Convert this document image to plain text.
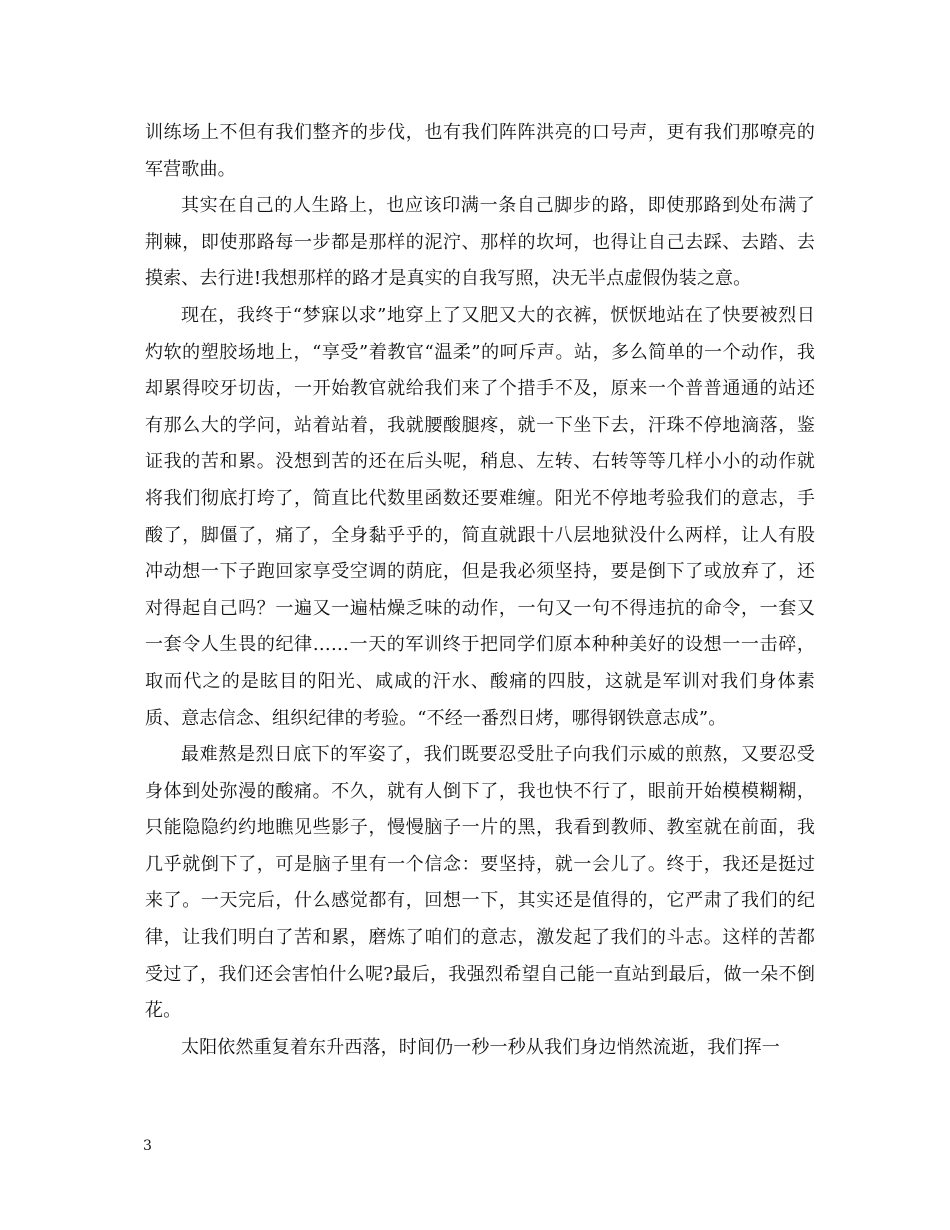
训练场上不但有我们整齐的步伐，也有我们阵阵洪亮的口号声，更有我们那嘹亮的军营歌曲。

其实在自己的人生路上，也应该印满一条自己脚步的路，即使那路到处布满了荆棘，即使那路每一步都是那样的泥泞、那样的坎坷，也得让自己去踩、去踏、去摸索、去行进!我想那样的路才是真实的自我写照，决无半点虚假伪装之意。

现在，我终于“梦寐以求”地穿上了又肥又大的衣裤，恹恹地站在了快要被烈日灼软的塑胶场地上，“享受”着教官“温柔”的呵斥声。站，多么简单的一个动作，我却累得咬牙切齿，一开始教官就给我们来了个措手不及，原来一个普普通通的站还有那么大的学问，站着站着，我就腰酸腿疼，就一下坐下去，汗珠不停地滴落，鉴证我的苦和累。没想到苦的还在后头呢，稍息、左转、右转等等几样小小的动作就将我们彻底打垮了，简直比代数里函数还要难缠。阳光不停地考验我们的意志，手酸了，脚僵了，痛了，全身黏乎乎的，简直就跟十八层地狱没什么两样，让人有股冲动想一下子跑回家享受空调的荫庇，但是我必须坚持，要是倒下了或放弃了，还对得起自己吗？一遍又一遍枯燥乏味的动作，一句又一句不得违抗的命令，一套又一套令人生畏的纪律……一天的军训终于把同学们原本种种美好的设想一一击碎，取而代之的是眩目的阳光、咸咸的汗水、酸痛的四肢，这就是军训对我们身体素质、意志信念、组织纪律的考验。“不经一番烈日烤，哪得钢铁意志成”。

最难熬是烈日底下的军姿了，我们既要忍受肚子向我们示威的煎熬，又要忍受身体到处弥漫的酸痛。不久，就有人倒下了，我也快不行了，眼前开始模模糊糊，只能隐隐约约地瞧见些影子，慢慢脑子一片的黑，我看到教师、教室就在前面，我几乎就倒下了，可是脑子里有一个信念：要坚持，就一会儿了。终于，我还是挺过来了。一天完后，什么感觉都有，回想一下，其实还是值得的，它严肃了我们的纪律，让我们明白了苦和累，磨炼了咱们的意志，激发起了我们的斗志。这样的苦都受过了，我们还会害怕什么呢?最后，我强烈希望自己能一直站到最后，做一朵不倒花。

太阳依然重复着东升西落，时间仍一秒一秒从我们身边悄然流逝，我们挥一

3
